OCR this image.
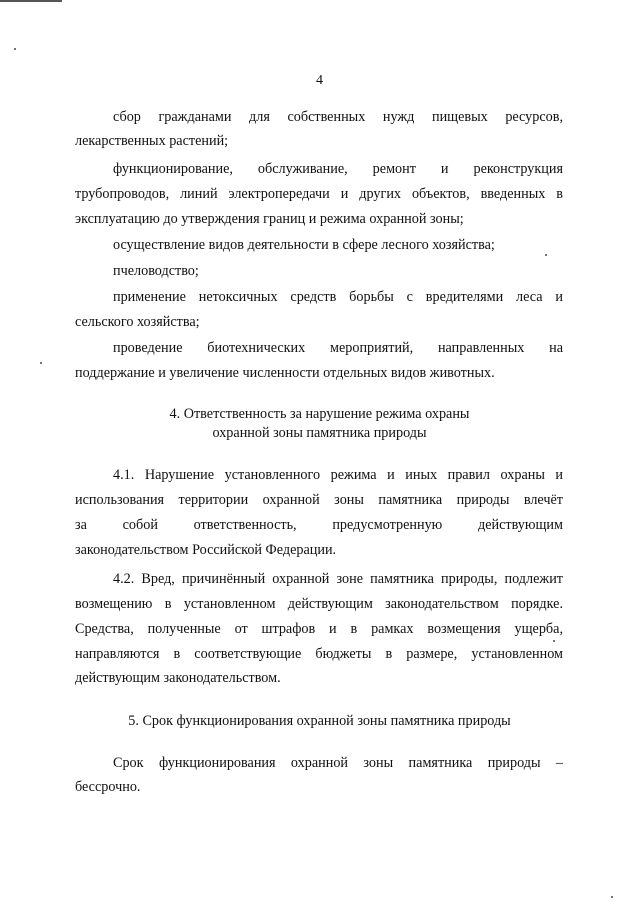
4
сбор гражданами для собственных нужд пищевых ресурсов,
лекарственных растений;
функционирование, обслуживание, ремонт и реконструкция
трубопроводов, линий электропередачи и других объектов, введенных в
эксплуатацию до утверждения границ и режима охранной зоны;
осуществление видов деятельности в сфере лесного хозяйства;
пчеловодство;
применение нетоксичных средств борьбы с вредителями леса и
сельского хозяйства;
проведение биотехнических мероприятий, направленных на
поддержание и увеличение численности отдельных видов животных.
4. Ответственность за нарушение режима охраны
охранной зоны памятника природы
4.1. Нарушение установленного режима и иных правил охраны и
использования территории охранной зоны памятника природы влечёт
за собой ответственность, предусмотренную действующим
законодательством Российской Федерации.
4.2. Вред, причинённый охранной зоне памятника природы, подлежит
возмещению в установленном действующим законодательством порядке.
Средства, полученные от штрафов и в рамках возмещения ущерба,
направляются в соответствующие бюджеты в размере, установленном
действующим законодательством.
5. Срок функционирования охранной зоны памятника природы
Срок функционирования охранной зоны памятника природы –
бессрочно.
